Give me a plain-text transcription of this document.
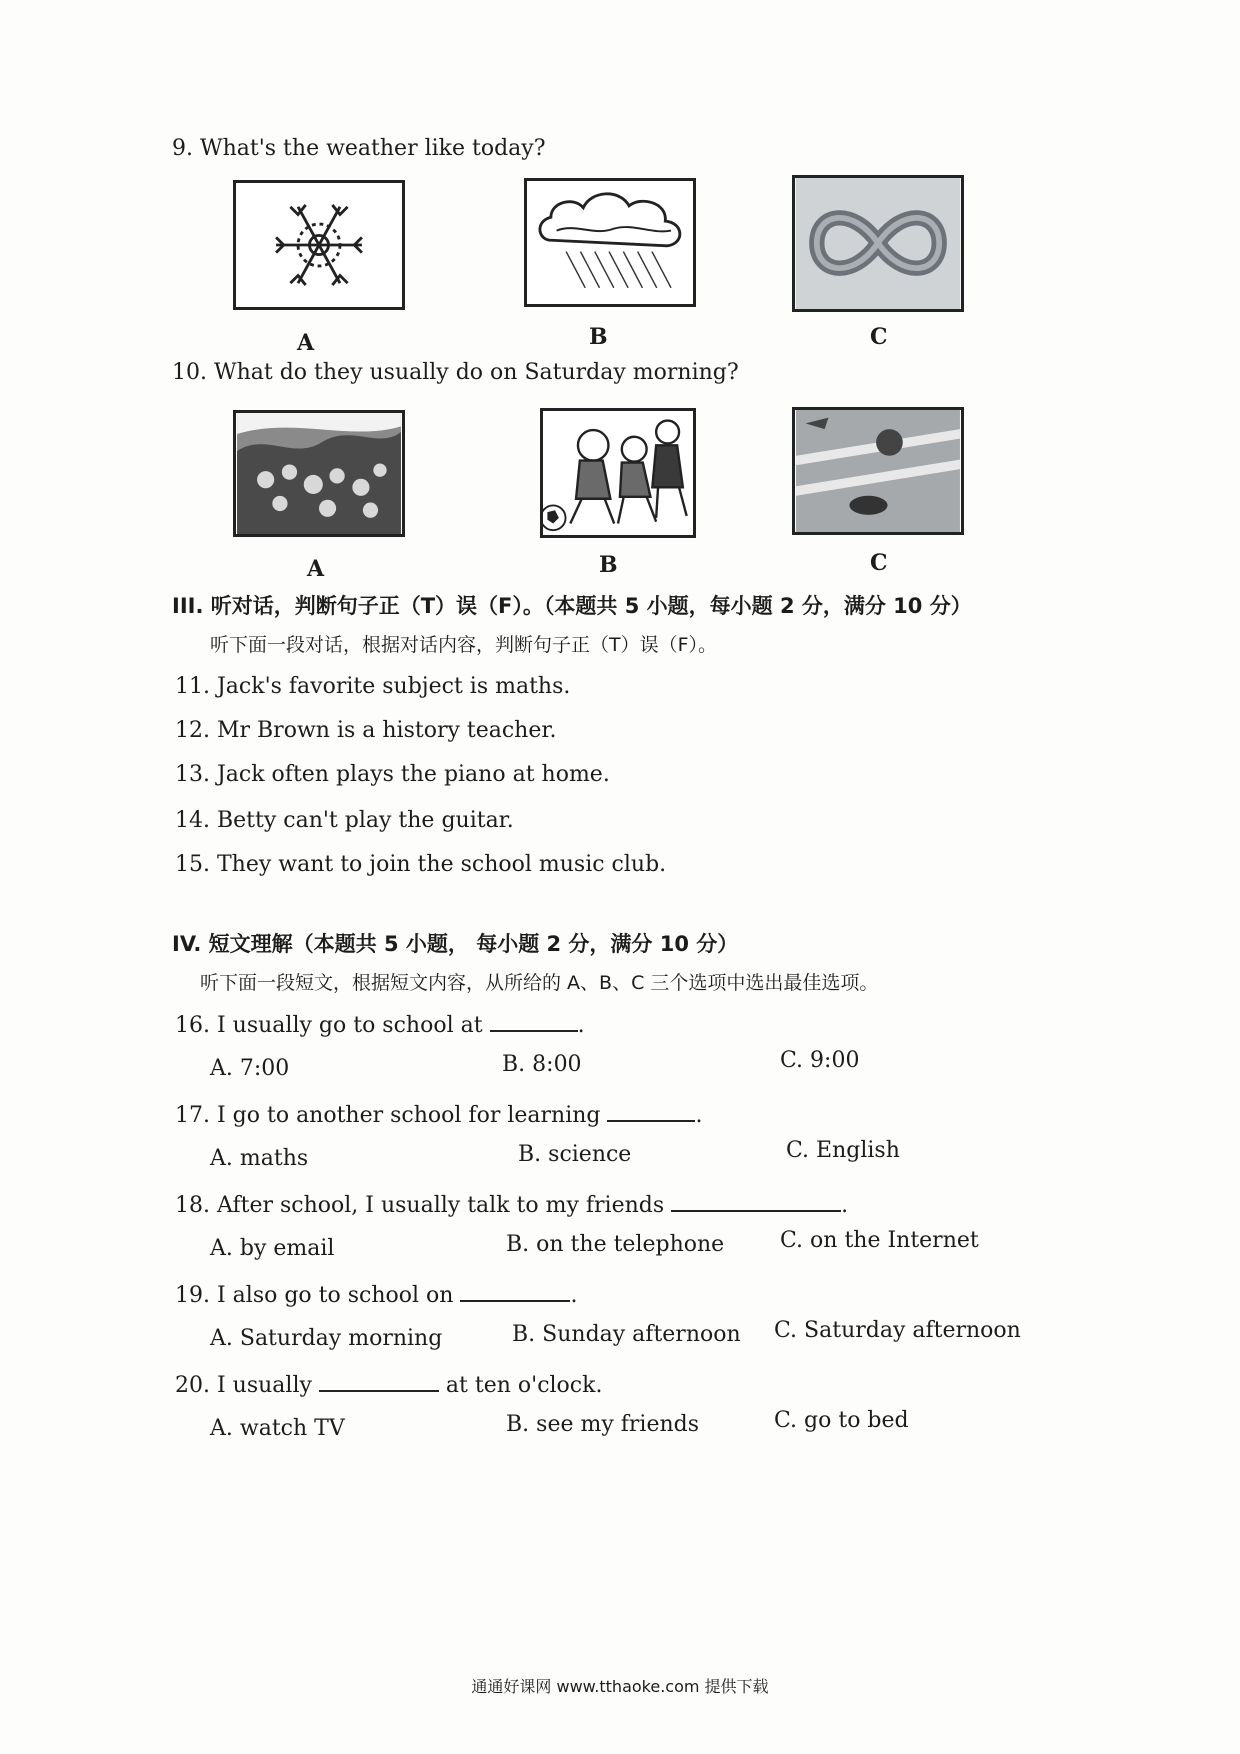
9. What's the weather like today?
A	B	C
10. What do they usually do on Saturday morning?
A	B	C
III. 听对话，判断句子正（T）误（F）。（本题共 5 小题，每小题 2 分，满分 10 分）
听下面一段对话，根据对话内容，判断句子正（T）误（F）。
11. Jack's favorite subject is maths.
12. Mr Brown is a history teacher.
13. Jack often plays the piano at home.
14. Betty can't play the guitar.
15. They want to join the school music club.
IV. 短文理解（本题共 5 小题， 每小题 2 分，满分 10 分）
听下面一段短文，根据短文内容，从所给的 A、B、C 三个选项中选出最佳选项。
16. I usually go to school at	.
A. 7:00	B. 8:00	C. 9:00
17. I go to another school for learning	.
A. maths	B. science	C. English
18. After school, I usually talk to my friends	.
A. by email	B. on the telephone	C. on the Internet
19. I also go to school on	.
A. Saturday morning	B. Sunday afternoon C. Saturday afternoon
20. I usually	at ten o'clock.
A. watch TV	B. see my friends	C. go to bed
通通好课网 www.tthaoke.com 提供下载
